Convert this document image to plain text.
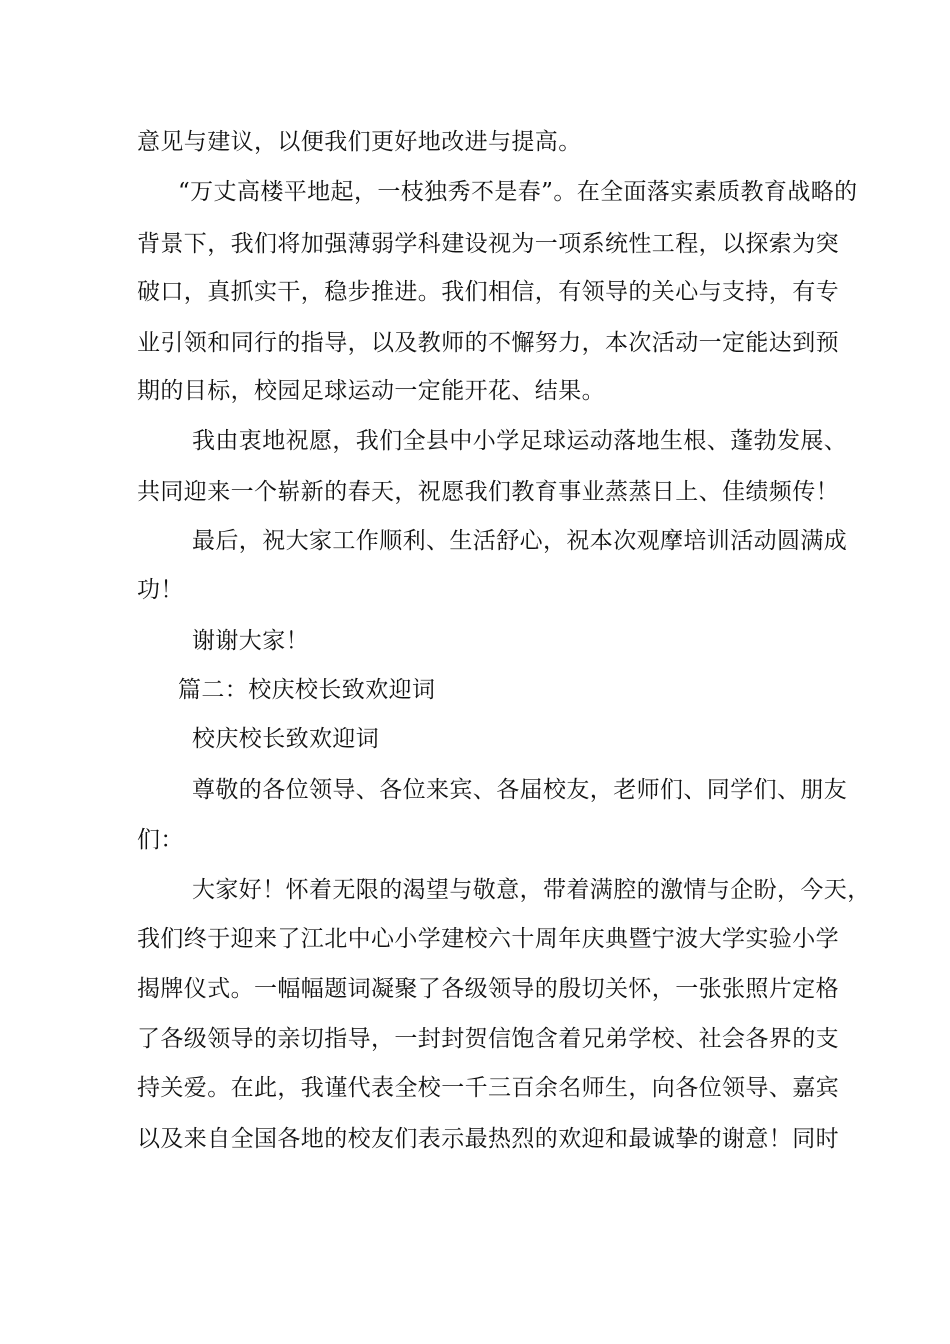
意见与建议，以便我们更好地改进与提高。
“万丈高楼平地起，一枝独秀不是春”。在全面落实素质教育战略的
背景下，我们将加强薄弱学科建设视为一项系统性工程，以探索为突
破口，真抓实干，稳步推进。我们相信，有领导的关心与支持，有专
业引领和同行的指导，以及教师的不懈努力，本次活动一定能达到预
期的目标，校园足球运动一定能开花、结果。
我由衷地祝愿，我们全县中小学足球运动落地生根、蓬勃发展、
共同迎来一个崭新的春天，祝愿我们教育事业蒸蒸日上、佳绩频传！
最后，祝大家工作顺利、生活舒心，祝本次观摩培训活动圆满成
功！
谢谢大家！
篇二：校庆校长致欢迎词
校庆校长致欢迎词
尊敬的各位领导、各位来宾、各届校友，老师们、同学们、朋友
们：
大家好！怀着无限的渴望与敬意，带着满腔的激情与企盼，今天，
我们终于迎来了江北中心小学建校六十周年庆典暨宁波大学实验小学
揭牌仪式。一幅幅题词凝聚了各级领导的殷切关怀，一张张照片定格
了各级领导的亲切指导，一封封贺信饱含着兄弟学校、社会各界的支
持关爱。在此，我谨代表全校一千三百余名师生，向各位领导、嘉宾
以及来自全国各地的校友们表示最热烈的欢迎和最诚挚的谢意！同时
